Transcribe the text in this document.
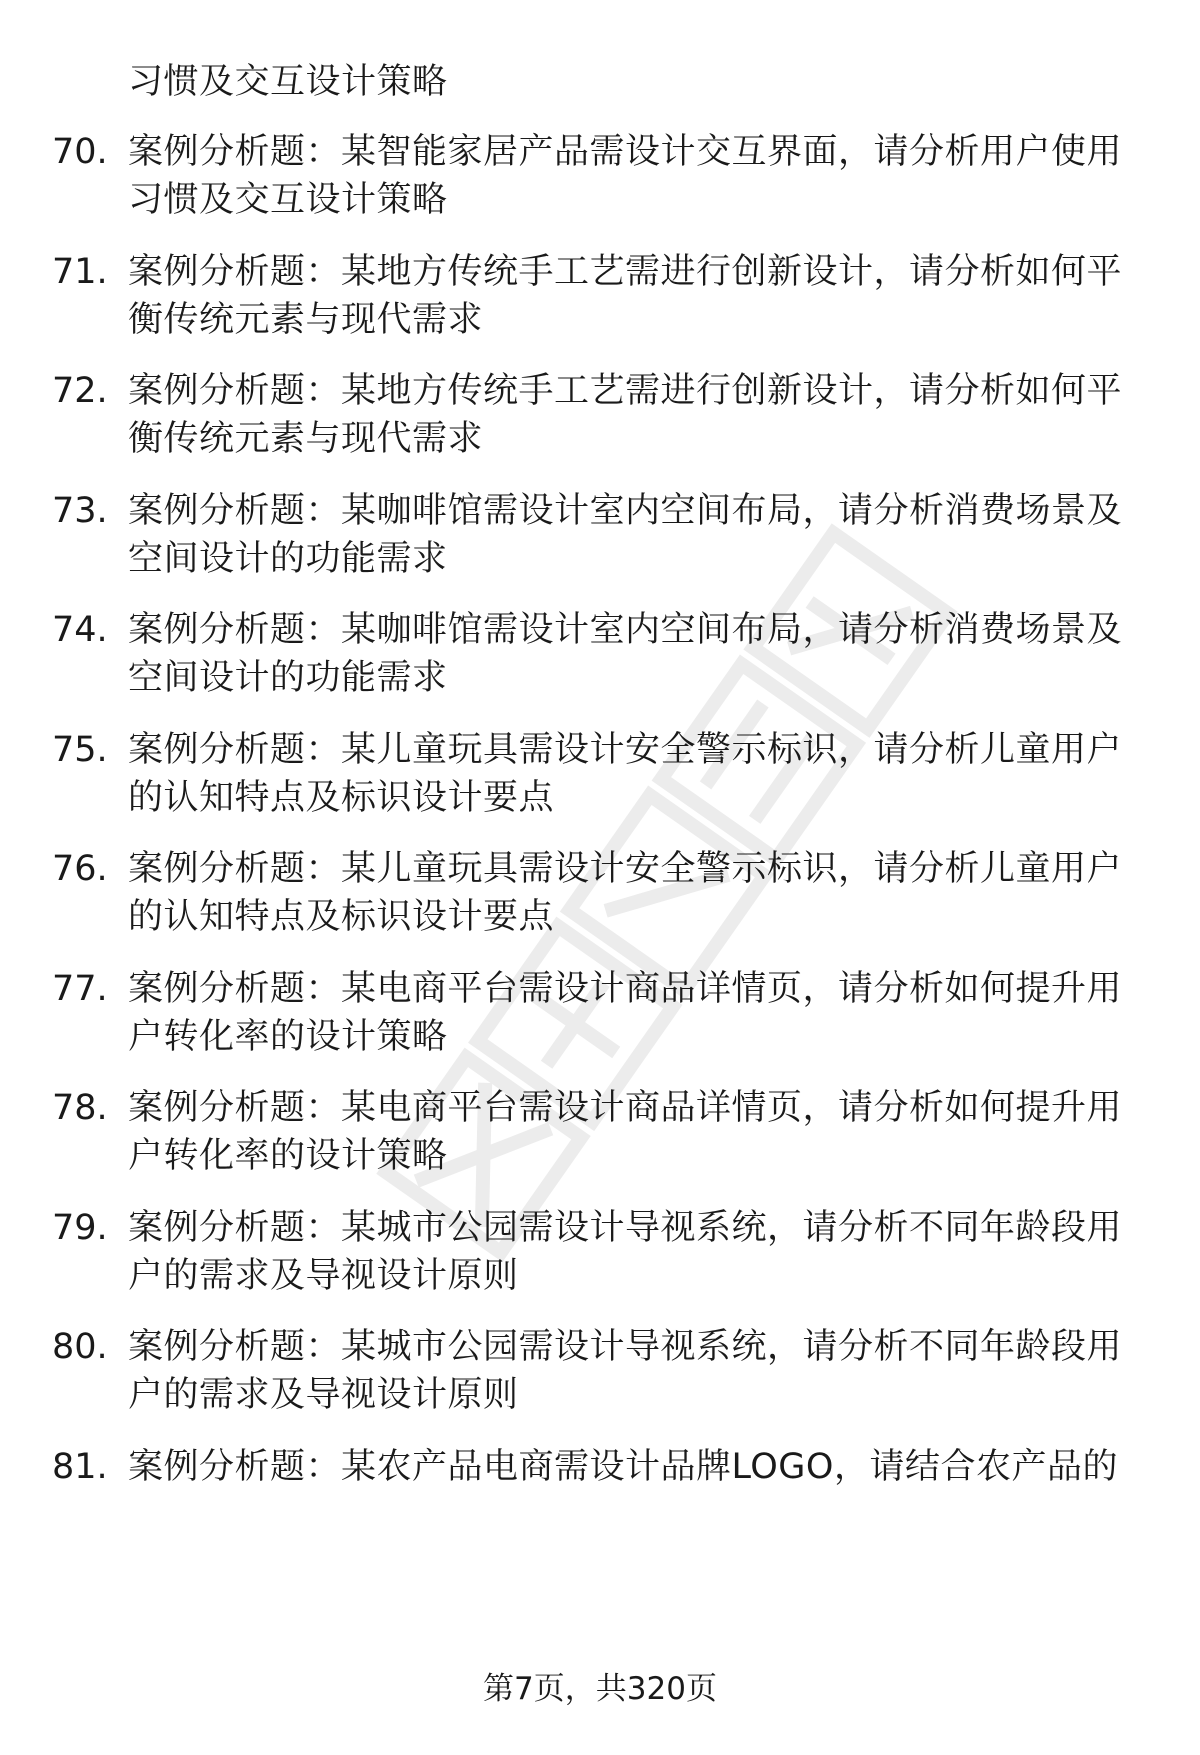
习惯及交互设计策略
70. 案例分析题：某智能家居产品需设计交互界面，请分析用户使用
习惯及交互设计策略
71. 案例分析题：某地方传统手工艺需进行创新设计，请分析如何平
衡传统元素与现代需求
72. 案例分析题：某地方传统手工艺需进行创新设计，请分析如何平
衡传统元素与现代需求
73. 案例分析题：某咖啡馆需设计室内空间布局，请分析消费场景及
空间设计的功能需求
74. 案例分析题：某咖啡馆需设计室内空间布局，请分析消费场景及
空间设计的功能需求
75. 案例分析题：某儿童玩具需设计安全警示标识，请分析儿童用户
的认知特点及标识设计要点
76. 案例分析题：某儿童玩具需设计安全警示标识，请分析儿童用户
的认知特点及标识设计要点
77. 案例分析题：某电商平台需设计商品详情页，请分析如何提升用
户转化率的设计策略
78. 案例分析题：某电商平台需设计商品详情页，请分析如何提升用
户转化率的设计策略
79. 案例分析题：某城市公园需设计导视系统，请分析不同年龄段用
户的需求及导视设计原则
80. 案例分析题：某城市公园需设计导视系统，请分析不同年龄段用
户的需求及导视设计原则
81. 案例分析题：某农产品电商需设计品牌LOGO，请结合农产品的
第7页，共320页
